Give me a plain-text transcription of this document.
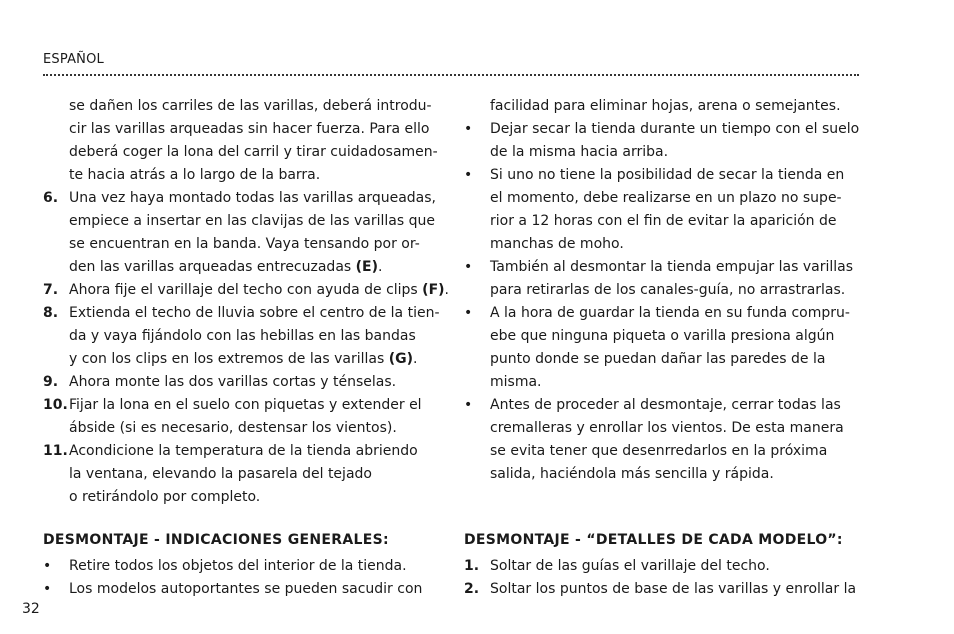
ESPAÑOL
se dañen los carriles de las varillas, deberá introdu-
cir las varillas arqueadas sin hacer fuerza. Para ello
deberá coger la lona del carril y tirar cuidadosamen-
te hacia atrás a lo largo de la barra.
6. Una vez haya montado todas las varillas arqueadas,
empiece a insertar en las clavijas de las varillas que
se encuentran en la banda. Vaya tensando por or-
den las varillas arqueadas entrecuzadas (E).
7. Ahora fije el varillaje del techo con ayuda de clips (F).
8. Extienda el techo de lluvia sobre el centro de la tien-
da y vaya fijándolo con las hebillas en las bandas
y con los clips en los extremos de las varillas (G).
9. Ahora monte las dos varillas cortas y ténselas.
10. Fijar la lona en el suelo con piquetas y extender el
ábside (si es necesario, destensar los vientos).
11. Acondicione la temperatura de la tienda abriendo
la ventana, elevando la pasarela del tejado
o retirándolo por completo.
DESMONTAJE - INDICACIONES GENERALES:
• Retire todos los objetos del interior de la tienda.
• Los modelos autoportantes se pueden sacudir con
facilidad para eliminar hojas, arena o semejantes.
• Dejar secar la tienda durante un tiempo con el suelo
de la misma hacia arriba.
• Si uno no tiene la posibilidad de secar la tienda en
el momento, debe realizarse en un plazo no supe-
rior a 12 horas con el fin de evitar la aparición de
manchas de moho.
• También al desmontar la tienda empujar las varillas
para retirarlas de los canales-guía, no arrastrarlas.
• A la hora de guardar la tienda en su funda compru-
ebe que ninguna piqueta o varilla presiona algún
punto donde se puedan dañar las paredes de la
misma.
• Antes de proceder al desmontaje, cerrar todas las
cremalleras y enrollar los vientos. De esta manera
se evita tener que desenrredarlos en la próxima
salida, haciéndola más sencilla y rápida.
DESMONTAJE - “DETALLES DE CADA MODELO”:
1. Soltar de las guías el varillaje del techo.
2. Soltar los puntos de base de las varillas y enrollar la
32
